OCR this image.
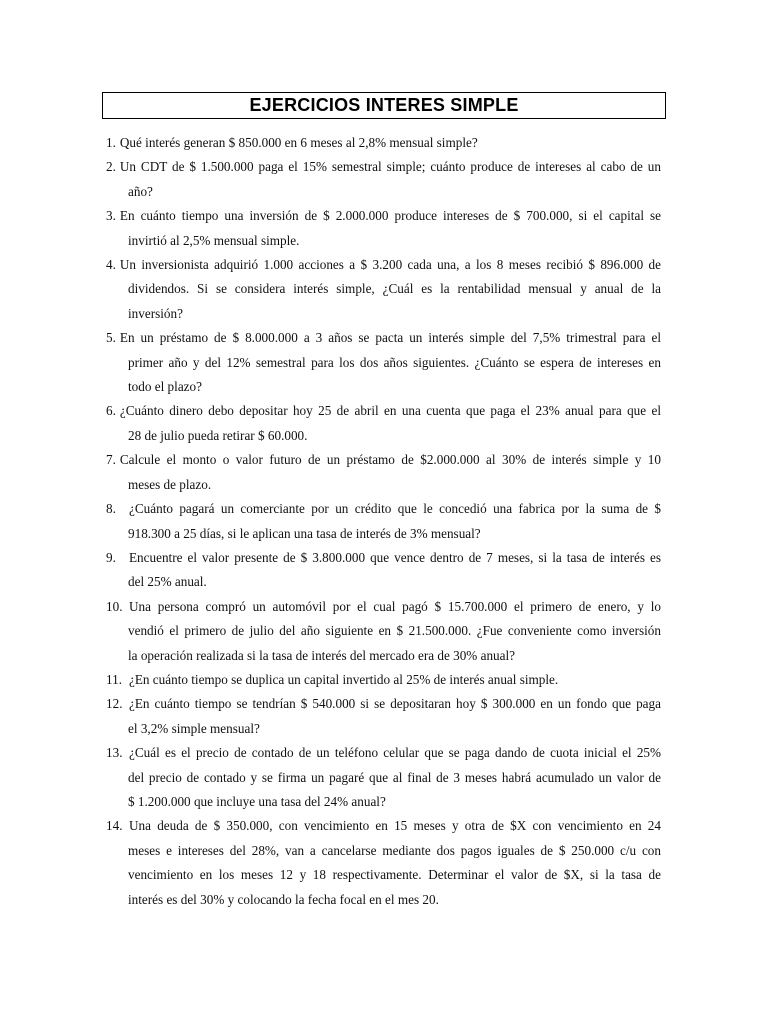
EJERCICIOS INTERES SIMPLE
1. Qué interés generan $ 850.000 en 6 meses al 2,8% mensual simple?
2. Un CDT de $ 1.500.000 paga el 15% semestral simple; cuánto produce de intereses al cabo de un
año?
3. En cuánto tiempo una inversión de $ 2.000.000 produce intereses de $ 700.000, si el capital se
invirtió al 2,5% mensual simple.
4. Un inversionista adquirió 1.000 acciones a $ 3.200 cada una, a los 8 meses recibió $ 896.000 de
dividendos. Si se considera interés simple, ¿Cuál es la rentabilidad mensual y anual de la
inversión?
5. En un préstamo de $ 8.000.000 a 3 años se pacta un interés simple del 7,5% trimestral para el
primer año y del 12% semestral para los dos años siguientes. ¿Cuánto se espera de intereses en
todo el plazo?
6. ¿Cuánto dinero debo depositar hoy 25 de abril en una cuenta que paga el 23% anual para que el
28 de julio pueda retirar $ 60.000.
7. Calcule el monto o valor futuro de un préstamo de $2.000.000 al 30% de interés simple y 10
meses de plazo.
8. ¿Cuánto pagará un comerciante por un crédito que le concedió una fabrica por la suma de $
918.300 a 25 días, si le aplican una tasa de interés de 3% mensual?
9. Encuentre el valor presente de $ 3.800.000 que vence dentro de 7 meses, si la tasa de interés es
del 25% anual.
10. Una persona compró un automóvil por el cual pagó $ 15.700.000 el primero de enero, y lo
vendió el primero de julio del año siguiente en $ 21.500.000. ¿Fue conveniente como inversión
la operación realizada si la tasa de interés del mercado era de 30% anual?
11. ¿En cuánto tiempo se duplica un capital invertido al 25% de interés anual simple.
12. ¿En cuánto tiempo se tendrían $ 540.000 si se depositaran hoy $ 300.000 en un fondo que paga
el 3,2% simple mensual?
13. ¿Cuál es el precio de contado de un teléfono celular que se paga dando de cuota inicial el 25%
del precio de contado y se firma un pagaré que al final de 3 meses habrá acumulado un valor de
$ 1.200.000 que incluye una tasa del 24% anual?
14. Una deuda de $ 350.000, con vencimiento en 15 meses y otra de $X con vencimiento en 24
meses e intereses del 28%, van a cancelarse mediante dos pagos iguales de $ 250.000 c/u con
vencimiento en los meses 12 y 18 respectivamente. Determinar el valor de $X, si la tasa de
interés es del 30% y colocando la fecha focal en el mes 20.
